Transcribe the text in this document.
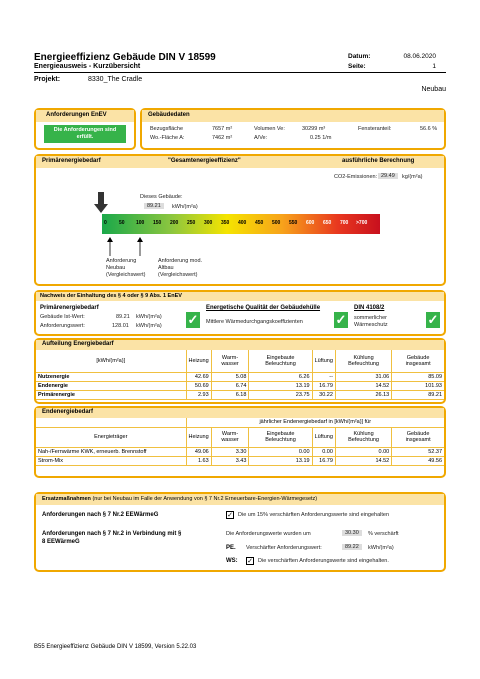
Energieeffizienz Gebäude DIN V 18599
Energieausweis - Kurzübersicht
Datum:	08.06.2020
Seite:	1
Projekt:	8330_The Cradle
Neubau
Anforderungen EnEV
Die Anforderungen sind erfüllt.
Gebäudedaten
Bezugsfläche	7657 m²
Wo.-Fläche A:	7462 m²
Volumen Ve:	30299 m³
A/Ve:	0.25 1/m
Fensteranteil:	56.6 %
Primärenergiebedarf	"Gesamtenergieeffizienz"	ausführliche Berechnung
CO2-Emissionen: 29.49	kg/(m²a)
Dieses Gebäude:
89.21	kWh/(m²a)
0 50 100 150 200 250 300 350 400 450 500 550 600 650 700 >700
Anforderung Neubau (Vergleichswert)
Anforderung mod. Altbau (Vergleichswert)
Nachweis der Einhaltung des § 4 oder § 9 Abs. 1 EnEV
Primärenergiebedarf
Gebäude Ist-Wert:	89.21 kWh/(m²a)
Anforderungswert:	128.01 kWh/(m²a) ✓
Energetische Qualität der Gebäudehülle
Mittlere Wärmedurchgangskoeffizienten	✓
DIN 4108/2
sommerlicher Wärmeschutz	✓
Aufteilung Energiebedarf
[kWh/(m²a)]	Heizung	Warm-wasser	Eingebaute Beleuchtung	Lüftung	Kühlung Befeuchtung	Gebäude insgesamt
Nutzenergie	42.69	5.08	6.26	--	31.06	85.09
Endenergie	50.69	6.74	13.19	16.79	14.52	101.93
Primärenergie	2.93	6.18	23.75	30.22	26.13	89.21
Endenergiebedarf
	jährlicher Endenergiebedarf in [kWh/(m²a)] für					
Energieträger	Heizung	Warm-wasser	Eingebaute Beleuchtung	Lüftung	Kühlung Befeuchtung	Gebäude insgesamt
Nah-/Fernwärme KWK, erneuerb. Brennstoff	49.06	3.30	0.00	0.00	0.00	52.37
Strom-Mix	1.63	3.43	13.19	16.79	14.52	49.56
Ersatzmaßnahmen (nur bei Neubau im Falle der Anwendung von § 7 Nr.2 Erneuerbare-Energien-Wärmegesetz)
Anforderungen nach § 7 Nr.2 EEWärmeG	✓ Die um 15% verschärften Anforderungswerte sind eingehalten
Anforderungen nach § 7 Nr.2 in Verbindung mit § 8 EEWärmeG
Die Anforderungswerte wurden um	30.30	% verschärft
PE. Verschärfter Anforderungswert:	89.22	kWh/(m²a)
WS: ✓ Die verschärften Anforderungswerte sind eingehalten.
B55 Energieeffizienz Gebäude DIN V 18599, Version 5.22.03
